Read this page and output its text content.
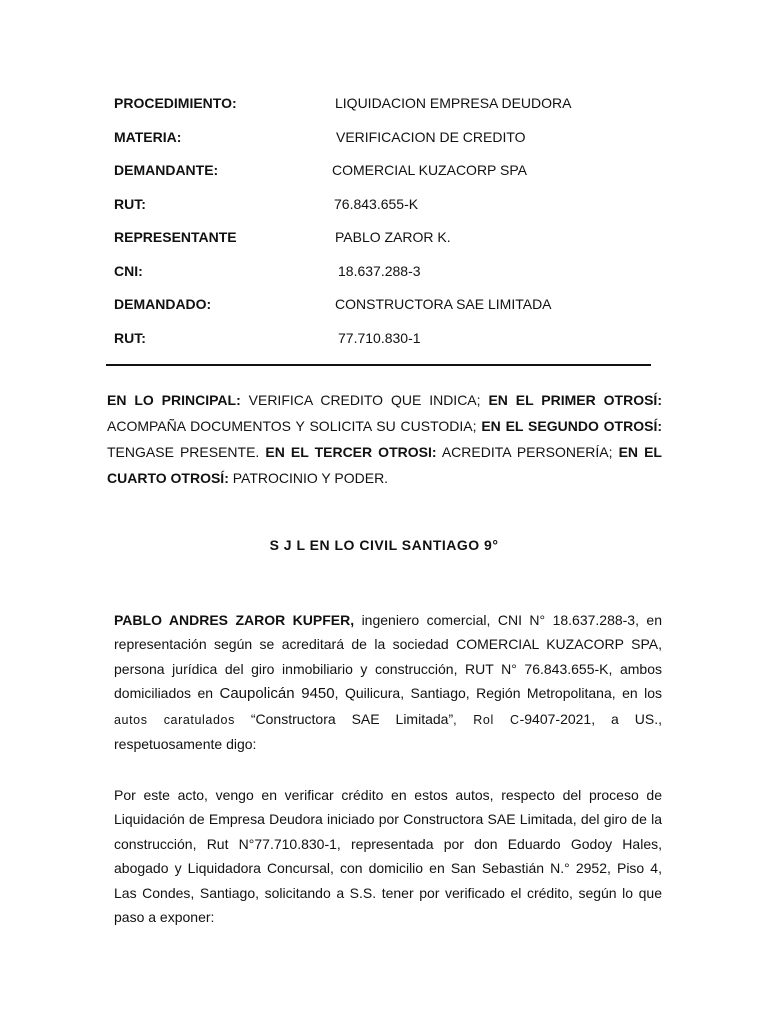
PROCEDIMIENTO:	LIQUIDACION EMPRESA DEUDORA
MATERIA:	VERIFICACION DE CREDITO
DEMANDANTE:	COMERCIAL KUZACORP SPA
RUT:	76.843.655-K
REPRESENTANTE	PABLO ZAROR K.
CNI:	18.637.288-3
DEMANDADO:	CONSTRUCTORA SAE LIMITADA
RUT:	77.710.830-1
EN LO PRINCIPAL: VERIFICA CREDITO QUE INDICA; EN EL PRIMER OTROSÍ: ACOMPAÑA DOCUMENTOS Y SOLICITA SU CUSTODIA; EN EL SEGUNDO OTROSÍ: TENGASE PRESENTE. EN EL TERCER OTROSI: ACREDITA PERSONERÍA; EN EL CUARTO OTROSÍ: PATROCINIO Y PODER.
S J L EN LO CIVIL SANTIAGO 9°
PABLO ANDRES ZAROR KUPFER, ingeniero comercial, CNI N° 18.637.288-3, en representación según se acreditará de la sociedad COMERCIAL KUZACORP SPA, persona jurídica del giro inmobiliario y construcción, RUT N° 76.843.655-K, ambos domiciliados en Caupolicán 9450, Quilicura, Santiago, Región Metropolitana, en los autos caratulados “Constructora SAE Limitada”, Rol C-9407-2021, a US., respetuosamente digo:
Por este acto, vengo en verificar crédito en estos autos, respecto del proceso de Liquidación de Empresa Deudora iniciado por Constructora SAE Limitada, del giro de la construcción, Rut N°77.710.830-1, representada por don Eduardo Godoy Hales, abogado y Liquidadora Concursal, con domicilio en San Sebastián N.° 2952, Piso 4, Las Condes, Santiago, solicitando a S.S. tener por verificado el crédito, según lo que paso a exponer:
